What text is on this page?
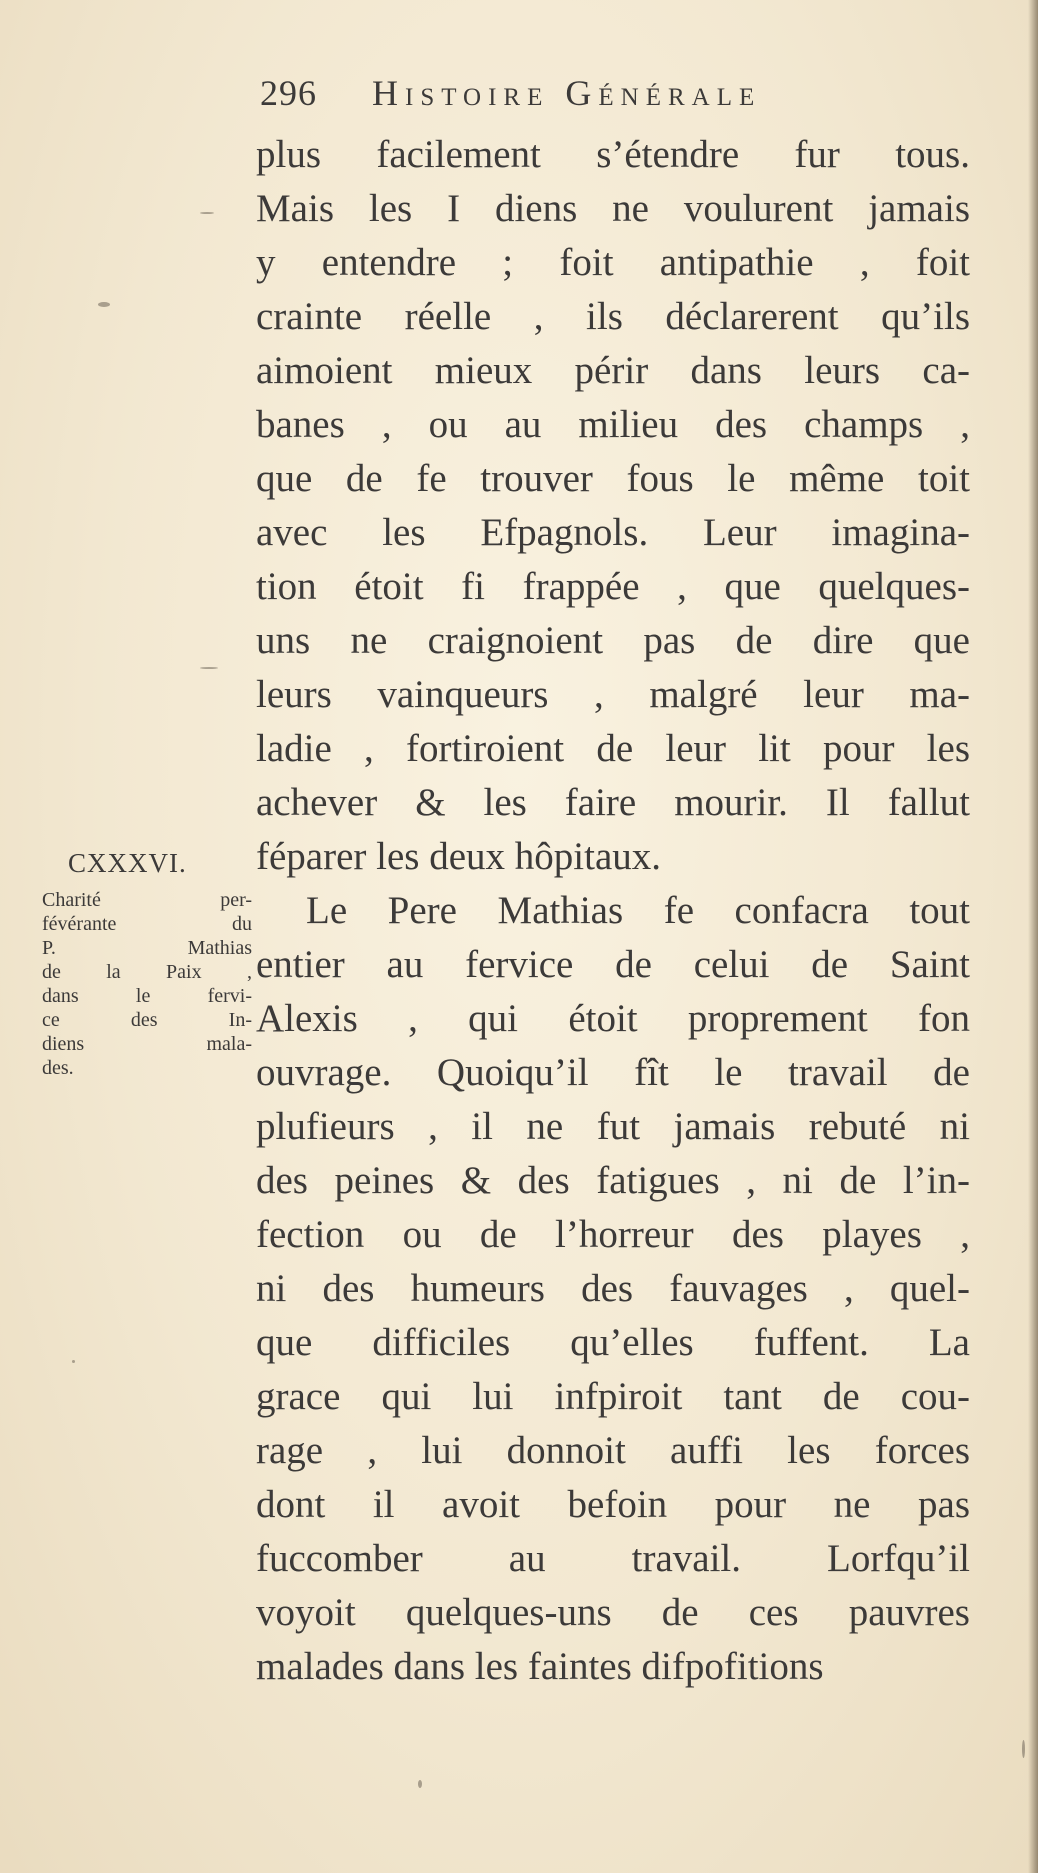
296 Histoire Générale
CXXXVI.
Charité per-
févérante du
P. Mathias
de la Paix ,
dans le fervi-
ce des In-
diens mala-
des.
plus facilement s’étendre fur tous.
Mais les I diens ne voulurent jamais
y entendre ; foit antipathie , foit
crainte réelle , ils déclarerent qu’ils
aimoient mieux périr dans leurs ca-
banes , ou au milieu des champs ,
que de fe trouver fous le même toit
avec les Efpagnols. Leur imagina-
tion étoit fi frappée , que quelques-
uns ne craignoient pas de dire que
leurs vainqueurs , malgré leur ma-
ladie , fortiroient de leur lit pour les
achever & les faire mourir. Il fallut
féparer les deux hôpitaux.
Le Pere Mathias fe confacra tout
entier au fervice de celui de Saint
Alexis , qui étoit proprement fon
ouvrage. Quoiqu’il fît le travail de
plufieurs , il ne fut jamais rebuté ni
des peines & des fatigues , ni de l’in-
fection ou de l’horreur des playes ,
ni des humeurs des fauvages , quel-
que difficiles qu’elles fuffent. La
grace qui lui infpiroit tant de cou-
rage , lui donnoit auffi les forces
dont il avoit befoin pour ne pas
fuccomber au travail. Lorfqu’il
voyoit quelques-uns de ces pauvres
malades dans les faintes difpofitions
